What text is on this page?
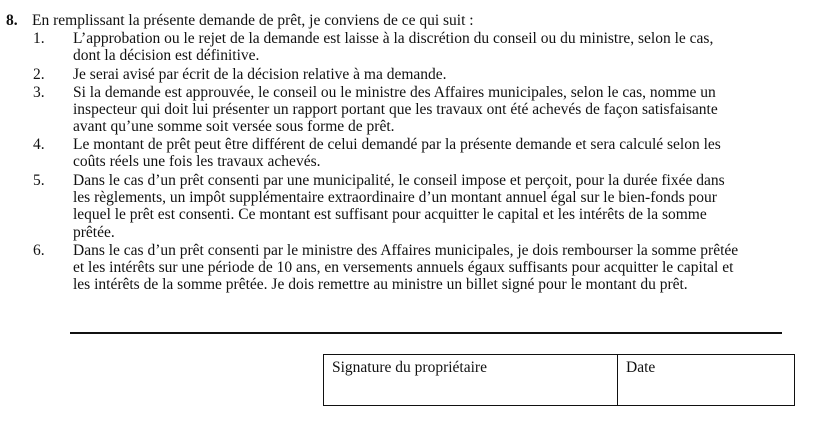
8. En remplissant la présente demande de prêt, je conviens de ce qui suit :
1. L’approbation ou le rejet de la demande est laisse à la discrétion du conseil ou du ministre, selon le cas,
dont la décision est définitive.
2. Je serai avisé par écrit de la décision relative à ma demande.
3. Si la demande est approuvée, le conseil ou le ministre des Affaires municipales, selon le cas, nomme un
inspecteur qui doit lui présenter un rapport portant que les travaux ont été achevés de façon satisfaisante
avant qu’une somme soit versée sous forme de prêt.
4. Le montant de prêt peut être différent de celui demandé par la présente demande et sera calculé selon les
coûts réels une fois les travaux achevés.
5. Dans le cas d’un prêt consenti par une municipalité, le conseil impose et perçoit, pour la durée fixée dans
les règlements, un impôt supplémentaire extraordinaire d’un montant annuel égal sur le bien-fonds pour
lequel le prêt est consenti. Ce montant est suffisant pour acquitter le capital et les intérêts de la somme
prêtée.
6. Dans le cas d’un prêt consenti par le ministre des Affaires municipales, je dois rembourser la somme prêtée
et les intérêts sur une période de 10 ans, en versements annuels égaux suffisants pour acquitter le capital et
les intérêts de la somme prêtée. Je dois remettre au ministre un billet signé pour le montant du prêt.
Signature du propriétaire	Date
